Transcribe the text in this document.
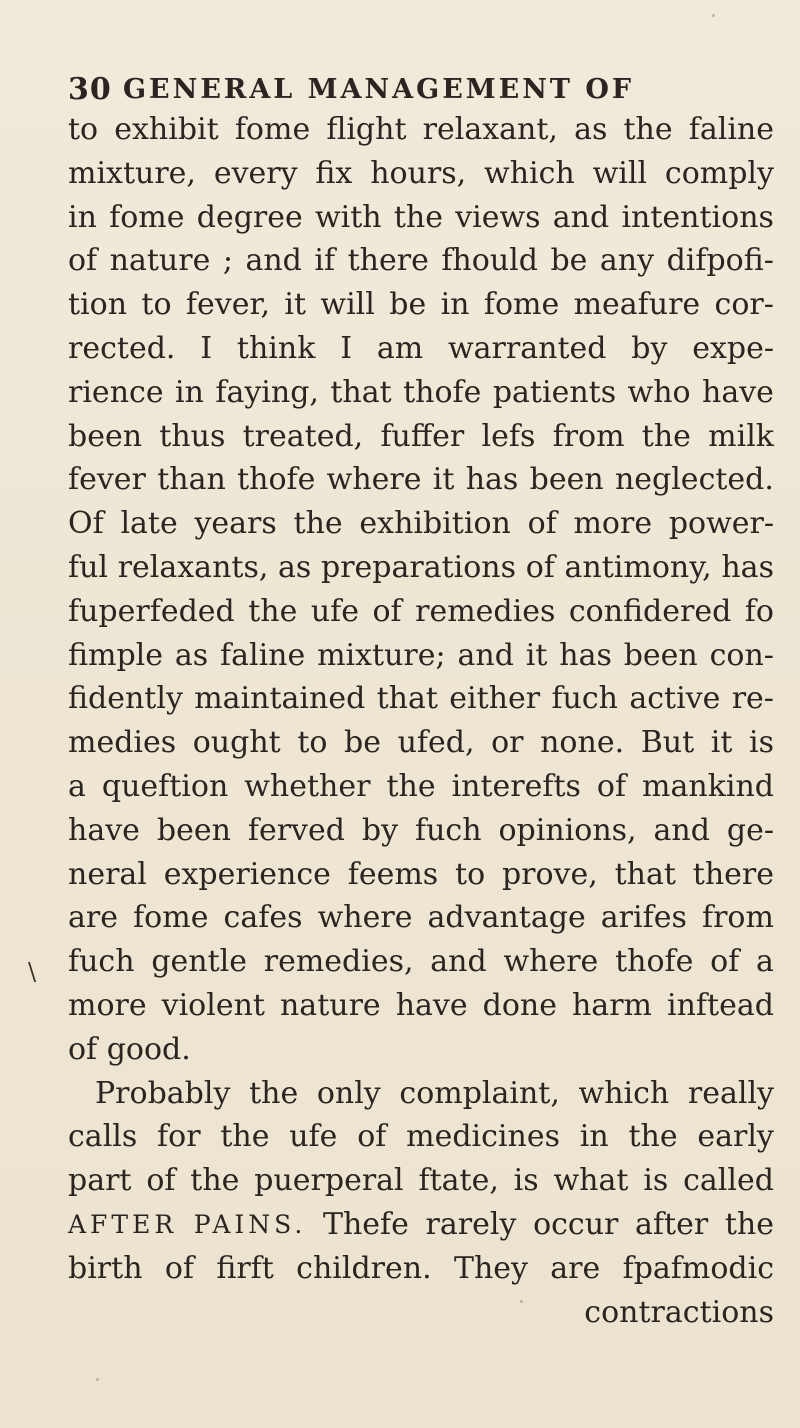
30 GENERAL MANAGEMENT OF
\
to exhibit fome flight relaxant, as the faline
mixture, every fix hours, which will comply
in fome degree with the views and intentions
of nature ; and if there fhould be any difpofi-
tion to fever, it will be in fome meafure cor-
rected. I think I am warranted by expe-
rience in faying, that thofe patients who have
been thus treated, fuffer lefs from the milk
fever than thofe where it has been neglected.
Of late years the exhibition of more power-
ful relaxants, as preparations of antimony, has
fuperfeded the ufe of remedies confidered fo
fimple as faline mixture; and it has been con-
fidently maintained that either fuch active re-
medies ought to be ufed, or none. But it is
a queftion whether the interefts of mankind
have been ferved by fuch opinions, and ge-
neral experience feems to prove, that there
are fome cafes where advantage arifes from
fuch gentle remedies, and where thofe of a
more violent nature have done harm inftead
of
good.
Probably the only complaint, which really
calls for the ufe of medicines in the early
part of the puerperal ftate, is what is called
AFTER PAINS. Thefe rarely occur after the
birth of firft children. They are fpafmodic
contractions
